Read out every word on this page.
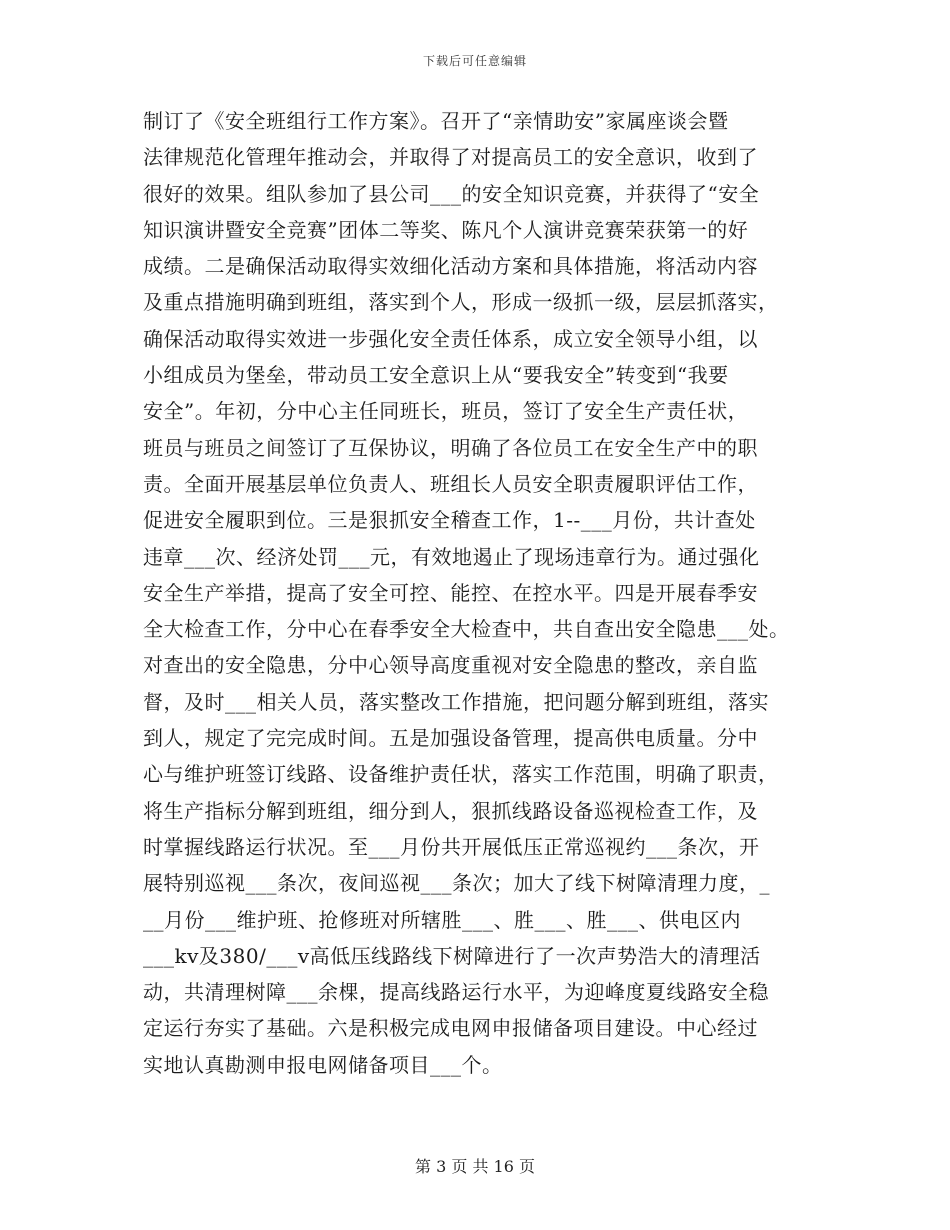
下载后可任意编辑
制订了《安全班组行工作方案》。召开了“亲情助安”家属座谈会暨
法律规范化管理年推动会，并取得了对提高员工的安全意识，收到了
很好的效果。组队参加了县公司___的安全知识竞赛，并获得了“安全
知识演讲暨安全竞赛”团体二等奖、陈凡个人演讲竞赛荣获第一的好
成绩。二是确保活动取得实效细化活动方案和具体措施，将活动内容
及重点措施明确到班组，落实到个人，形成一级抓一级，层层抓落实，
确保活动取得实效进一步强化安全责任体系，成立安全领导小组，以
小组成员为堡垒，带动员工安全意识上从“要我安全”转变到“我要
安全”。年初，分中心主任同班长，班员，签订了安全生产责任状，
班员与班员之间签订了互保协议，明确了各位员工在安全生产中的职
责。全面开展基层单位负责人、班组长人员安全职责履职评估工作，
促进安全履职到位。三是狠抓安全稽查工作，1--___月份，共计查处
违章___次、经济处罚___元，有效地遏止了现场违章行为。通过强化
安全生产举措，提高了安全可控、能控、在控水平。四是开展春季安
全大检查工作，分中心在春季安全大检查中，共自查出安全隐患___处。
对查出的安全隐患，分中心领导高度重视对安全隐患的整改，亲自监
督，及时___相关人员，落实整改工作措施，把问题分解到班组，落实
到人，规定了完完成时间。五是加强设备管理，提高供电质量。分中
心与维护班签订线路、设备维护责任状，落实工作范围，明确了职责，
将生产指标分解到班组，细分到人，狠抓线路设备巡视检查工作，及
时掌握线路运行状况。至___月份共开展低压正常巡视约___条次，开
展特别巡视___条次，夜间巡视___条次；加大了线下树障清理力度，_
__月份___维护班、抢修班对所辖胜___、胜___、胜___、供电区内
___kv及380/___v高低压线路线下树障进行了一次声势浩大的清理活
动，共清理树障___余棵，提高线路运行水平，为迎峰度夏线路安全稳
定运行夯实了基础。六是积极完成电网申报储备项目建设。中心经过
实地认真勘测申报电网储备项目___个。
第 3 页 共 16 页
